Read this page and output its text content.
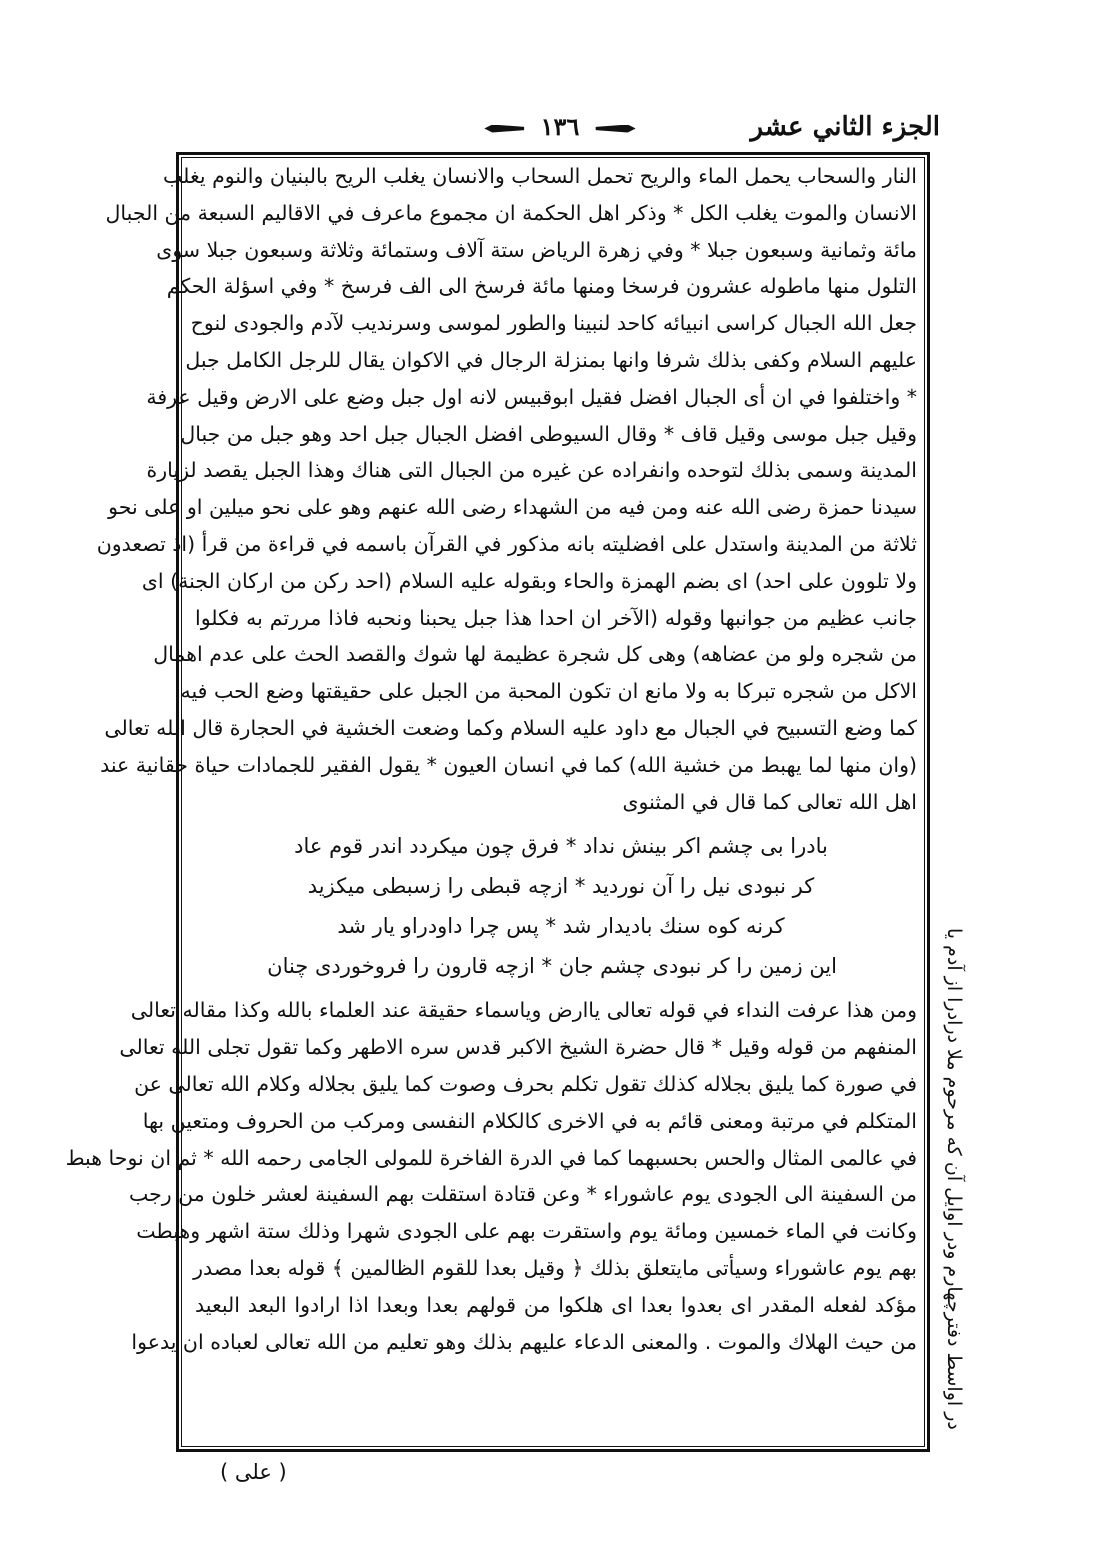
الجزء الثاني عشر
١٣٦
النار والسحاب يحمل الماء والريح تحمل السحاب والانسان يغلب الريح بالبنيان والنوم يغلب
الانسان والموت يغلب الكل * وذكر اهل الحكمة ان مجموع ماعرف في الاقاليم السبعة من الجبال
مائة وثمانية وسبعون جبلا * وفي زهرة الرياض ستة آلاف وستمائة وثلاثة وسبعون جبلا سوى
التلول منها ماطوله عشرون فرسخا ومنها مائة فرسخ الى الف فرسخ * وفي اسؤلة الحكم
جعل الله الجبال كراسى انبيائه كاحد لنبينا والطور لموسى وسرنديب لآدم والجودى لنوح
عليهم السلام وكفى بذلك شرفا وانها بمنزلة الرجال في الاكوان يقال للرجل الكامل جبل
* واختلفوا في ان أى الجبال افضل فقيل ابوقبيس لانه اول جبل وضع على الارض وقيل عرفة
وقيل جبل موسى وقيل قاف * وقال السيوطى افضل الجبال جبل احد وهو جبل من جبال
المدينة وسمى بذلك لتوحده وانفراده عن غيره من الجبال التى هناك وهذا الجبل يقصد لزيارة
سيدنا حمزة رضى الله عنه ومن فيه من الشهداء رضى الله عنهم وهو على نحو ميلين او على نحو
ثلاثة من المدينة واستدل على افضليته بانه مذكور في القرآن باسمه في قراءة من قرأ (اذ تصعدون
ولا تلوون على احد) اى بضم الهمزة والحاء وبقوله عليه السلام (احد ركن من اركان الجنة) اى
جانب عظيم من جوانبها وقوله (الآخر ان احدا هذا جبل يحبنا ونحبه فاذا مررتم به فكلوا
من شجره ولو من عضاهه) وهى كل شجرة عظيمة لها شوك والقصد الحث على عدم اهمال
الاكل من شجره تبركا به ولا مانع ان تكون المحبة من الجبل على حقيقتها وضع الحب فيه
كما وضع التسبيح في الجبال مع داود عليه السلام وكما وضعت الخشية في الحجارة قال الله تعالى
(وان منها لما يهبط من خشية الله) كما في انسان العيون * يقول الفقير للجمادات حياة حقانية عند
اهل الله تعالى كما قال في المثنوى
بادرا بى چشم اكر بينش نداد * فرق چون ميكردد اندر قوم عاد
كر نبودى نيل را آن نورديد * ازچه قبطى را زسبطى ميكزيد
كرنه كوه سنك باديدار شد * پس چرا داودراو يار شد
اين زمين را كر نبودى چشم جان * ازچه قارون را فروخوردى چنان
ومن هذا عرفت النداء في قوله تعالى ياارض وياسماء حقيقة عند العلماء بالله وكذا مقاله تعالى
المنفهم من قوله وقيل * قال حضرة الشيخ الاكبر قدس سره الاطهر وكما تقول تجلى الله تعالى
في صورة كما يليق بجلاله كذلك تقول تكلم بحرف وصوت كما يليق بجلاله وكلام الله تعالى عن
المتكلم في مرتبة ومعنى قائم به في الاخرى كالكلام النفسى ومركب من الحروف ومتعين بها
في عالمى المثال والحس بحسبهما كما في الدرة الفاخرة للمولى الجامى رحمه الله * ثم ان نوحا هبط
من السفينة الى الجودى يوم عاشوراء * وعن قتادة استقلت بهم السفينة لعشر خلون من رجب
وكانت في الماء خمسين ومائة يوم واستقرت بهم على الجودى شهرا وذلك ستة اشهر وهبطت
بهم يوم عاشوراء وسيأتى مايتعلق بذلك ﴿ وقيل بعدا للقوم الظالمين ﴾ قوله بعدا مصدر
مؤكد لفعله المقدر اى بعدوا بعدا اى هلكوا من قولهم بعدا وبعدا اذا ارادوا البعد البعيد
من حيث الهلاك والموت . والمعنى الدعاء عليهم بذلك وهو تعليم من الله تعالى لعباده ان يدعوا	در اواسط دفترچهارم ودر اوايل آن كه مرحوم ملا درادرا از آدم يا
( على )
